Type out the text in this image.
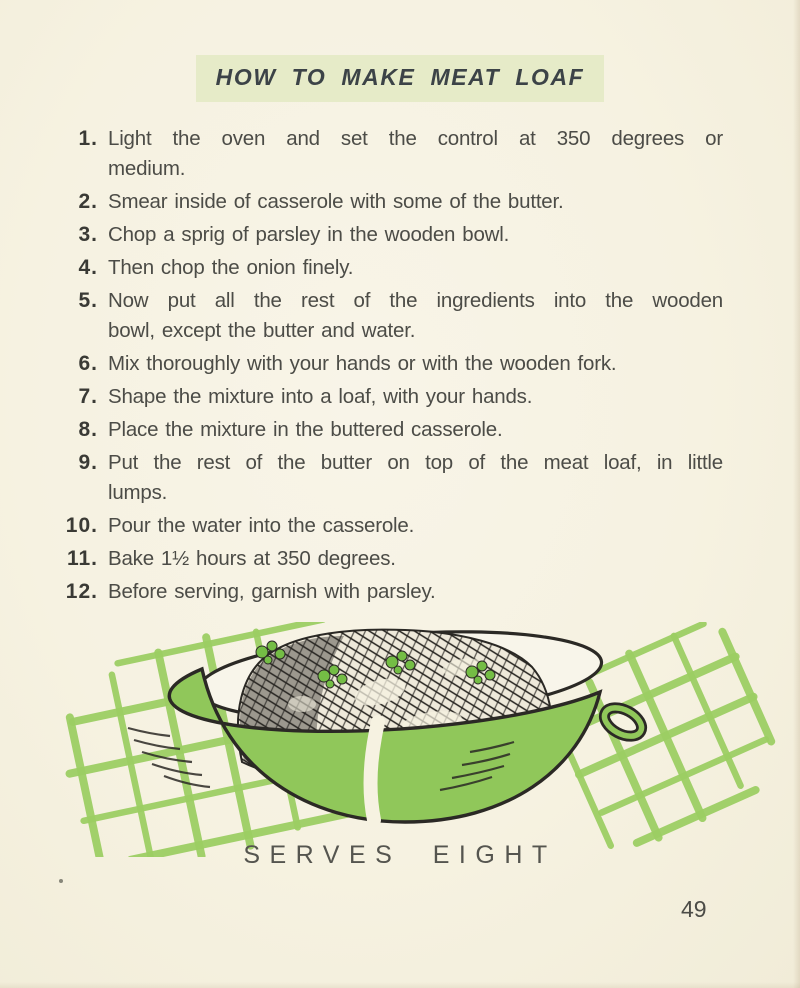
HOW TO MAKE MEAT LOAF
1. Light the oven and set the control at 350 degrees or
medium.
2. Smear inside of casserole with some of the butter.
3. Chop a sprig of parsley in the wooden bowl.
4. Then chop the onion finely.
5. Now put all the rest of the ingredients into the wooden
bowl, except the butter and water.
6. Mix thoroughly with your hands or with the wooden fork.
7. Shape the mixture into a loaf, with your hands.
8. Place the mixture in the buttered casserole.
9. Put the rest of the butter on top of the meat loaf, in little
lumps.
10. Pour the water into the casserole.
11. Bake 1½ hours at 350 degrees.
12. Before serving, garnish with parsley.
SERVES EIGHT
49
